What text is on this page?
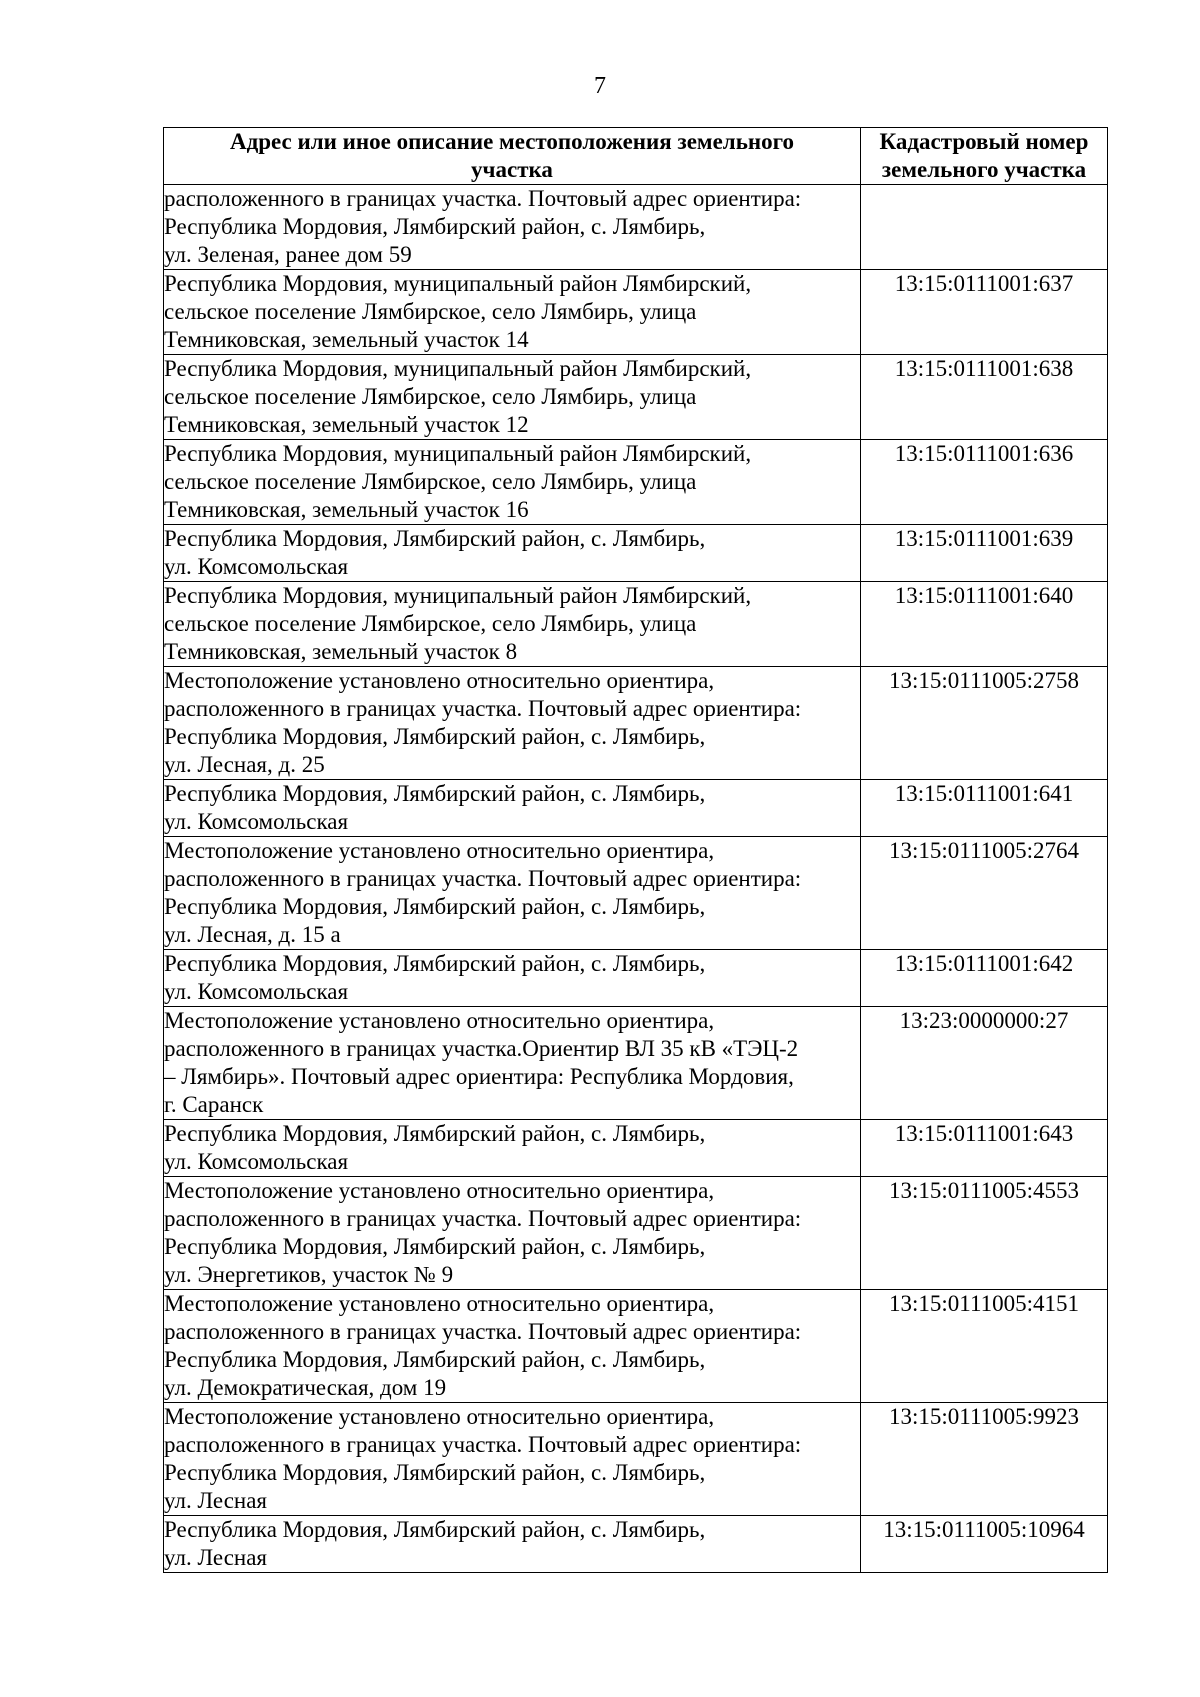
7
Адрес или иное описание местоположения земельного
участка	Кадастровый номер
земельного участка

расположенного в границах участка. Почтовый адрес ориентира:
Республика Мордовия, Лямбирский район, с. Лямбирь,
ул. Зеленая, ранее дом 59	

Республика Мордовия, муниципальный район Лямбирский,
сельское поселение Лямбирское, село Лямбирь, улица
Темниковская, земельный участок 14	13:15:0111001:637

Республика Мордовия, муниципальный район Лямбирский,
сельское поселение Лямбирское, село Лямбирь, улица
Темниковская, земельный участок 12	13:15:0111001:638

Республика Мордовия, муниципальный район Лямбирский,
сельское поселение Лямбирское, село Лямбирь, улица
Темниковская, земельный участок 16	13:15:0111001:636

Республика Мордовия, Лямбирский район, с. Лямбирь,
ул. Комсомольская	13:15:0111001:639

Республика Мордовия, муниципальный район Лямбирский,
сельское поселение Лямбирское, село Лямбирь, улица
Темниковская, земельный участок 8	13:15:0111001:640

Местоположение установлено относительно ориентира,
расположенного в границах участка. Почтовый адрес ориентира:
Республика Мордовия, Лямбирский район, с. Лямбирь,
ул. Лесная, д. 25	13:15:0111005:2758

Республика Мордовия, Лямбирский район, с. Лямбирь,
ул. Комсомольская	13:15:0111001:641

Местоположение установлено относительно ориентира,
расположенного в границах участка. Почтовый адрес ориентира:
Республика Мордовия, Лямбирский район, с. Лямбирь,
ул. Лесная, д. 15 а	13:15:0111005:2764

Республика Мордовия, Лямбирский район, с. Лямбирь,
ул. Комсомольская	13:15:0111001:642

Местоположение установлено относительно ориентира,
расположенного в границах участка.Ориентир ВЛ 35 кВ «ТЭЦ-2
– Лямбирь». Почтовый адрес ориентира: Республика Мордовия,
г. Саранск	13:23:0000000:27

Республика Мордовия, Лямбирский район, с. Лямбирь,
ул. Комсомольская	13:15:0111001:643

Местоположение установлено относительно ориентира,
расположенного в границах участка. Почтовый адрес ориентира:
Республика Мордовия, Лямбирский район, с. Лямбирь,
ул. Энергетиков, участок № 9	13:15:0111005:4553

Местоположение установлено относительно ориентира,
расположенного в границах участка. Почтовый адрес ориентира:
Республика Мордовия, Лямбирский район, с. Лямбирь,
ул. Демократическая, дом 19	13:15:0111005:4151

Местоположение установлено относительно ориентира,
расположенного в границах участка. Почтовый адрес ориентира:
Республика Мордовия, Лямбирский район, с. Лямбирь,
ул. Лесная	13:15:0111005:9923

Республика Мордовия, Лямбирский район, с. Лямбирь,
ул. Лесная	13:15:0111005:10964
